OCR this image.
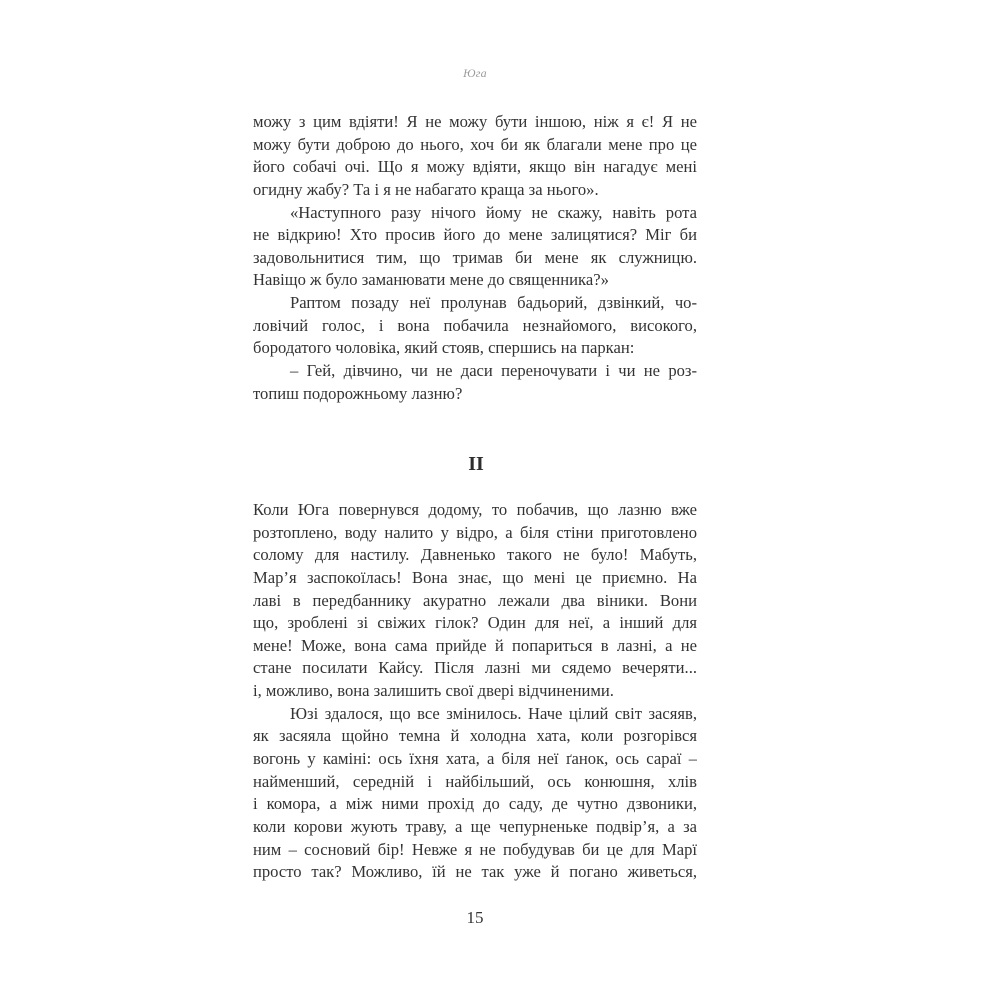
Юга
можу з цим вдіяти! Я не можу бути іншою, ніж я є! Я не
можу бути доброю до нього, хоч би як благали мене про це
його собачі очі. Що я можу вдіяти, якщо він нагадує мені
огидну жабу? Та і я не набагато краща за нього».
«Наступного разу нічого йому не скажу, навіть рота
не відкрию! Хто просив його до мене залицятися? Міг би
задовольнитися тим, що тримав би мене як служницю.
Навіщо ж було заманювати мене до священника?»
Раптом позаду неї пролунав бадьорий, дзвінкий, чо-
ловічий голос, і вона побачила незнайомого, високого,
бородатого чоловіка, який стояв, спершись на паркан:
– Гей, дівчино, чи не даси переночувати і чи не роз-
топиш подорожньому лазню?
II
Коли Юга повернувся додому, то побачив, що лазню вже
розтоплено, воду налито у відро, а біля стіни приготовлено
солому для настилу. Давненько такого не було! Мабуть,
Мар’я заспокоїлась! Вона знає, що мені це приємно. На
лаві в передбаннику акуратно лежали два віники. Вони
що, зроблені зі свіжих гілок? Один для неї, а інший для
мене! Може, вона сама прийде й попариться в лазні, а не
стане посилати Кайсу. Після лазні ми сядемо вечеряти...
і, можливо, вона залишить свої двері відчиненими.
Юзі здалося, що все змінилось. Наче цілий світ засяяв,
як засяяла щойно темна й холодна хата, коли розгорівся
вогонь у каміні: ось їхня хата, а біля неї ґанок, ось сараї –
найменший, середній і найбільший, ось конюшня, хлів
і комора, а між ними прохід до саду, де чутно дзвоники,
коли корови жують траву, а ще чепурненьке подвір’я, а за
ним – сосновий бір! Невже я не побудував би це для Марї
просто так? Можливо, їй не так уже й погано живеться,
15
